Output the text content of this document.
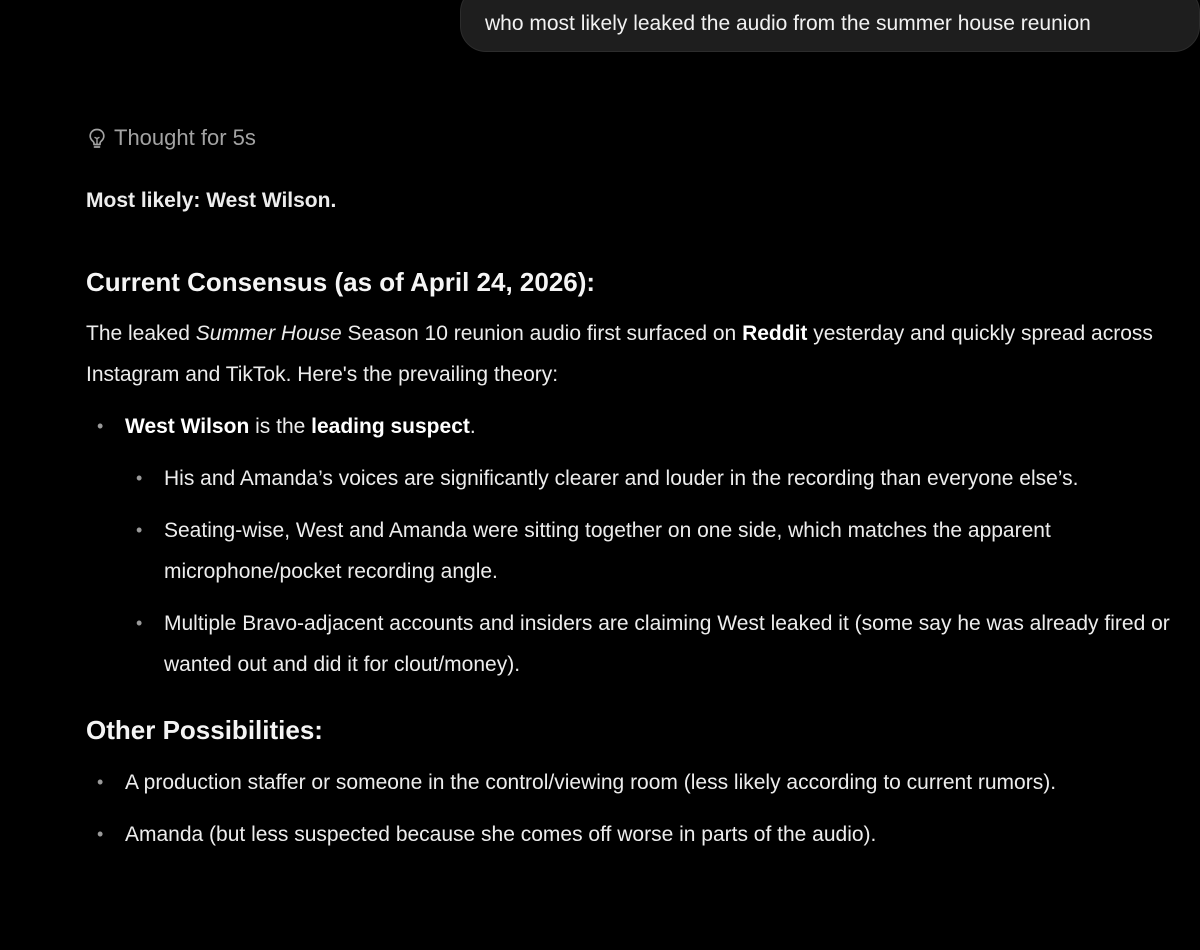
who most likely leaked the audio from the summer house reunion
Thought for 5s

Most likely: West Wilson.

Current Consensus (as of April 24, 2026):

The leaked Summer House Season 10 reunion audio first surfaced on Reddit yesterday and quickly spread across Instagram and TikTok. Here's the prevailing theory:

• West Wilson is the leading suspect.
• His and Amanda’s voices are significantly clearer and louder in the recording than everyone else’s.
• Seating-wise, West and Amanda were sitting together on one side, which matches the apparent microphone/pocket recording angle.
• Multiple Bravo-adjacent accounts and insiders are claiming West leaked it (some say he was already fired or wanted out and did it for clout/money).
Other Possibilities:
• A production staffer or someone in the control/viewing room (less likely according to current rumors).
• Amanda (but less suspected because she comes off worse in parts of the audio).
